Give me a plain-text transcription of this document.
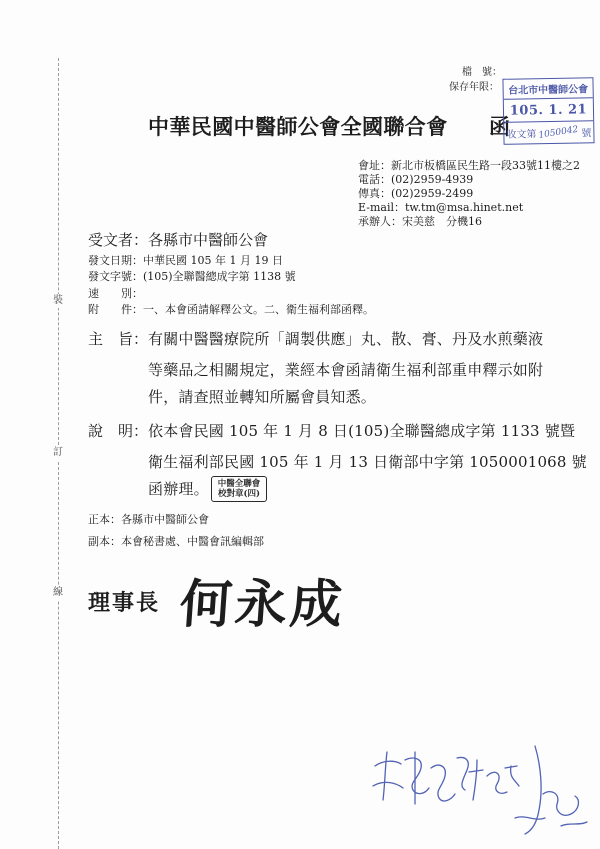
裝
訂
線
檔　號：
保存年限：
中華民國中醫師公會全國聯合會 函
台北市中醫師公會
105. 1. 21
收文第 1050042 號
會址：新北市板橋區民生路一段33號11樓之2
電話：(02)2959-4939
傳真：(02)2959-2499
E-mail：tw.tm@msa.hinet.net
承辦人：宋美慈　分機16
受文者：各縣市中醫師公會
發文日期：中華民國 105 年 1 月 19 日
發文字號：(105)全聯醫總成字第 1138 號
速　　別：
附　　件：一、本會函請解釋公文。二、衛生福利部函釋。
主　旨： 有關中醫醫療院所「調製供應」丸、散、膏、丹及水煎藥液
等藥品之相關規定，業經本會函請衛生福利部重申釋示如附
件，請查照並轉知所屬會員知悉。
說　明： 依本會民國 105 年 1 月 8 日(105)全聯醫總成字第 1133 號暨
衛生福利部民國 105 年 1 月 13 日衛部中字第 1050001068 號
函辦理。 中醫全聯會
校對章(四)
正本：各縣市中醫師公會
副本：本會秘書處、中醫會訊編輯部
理事長 何永成
